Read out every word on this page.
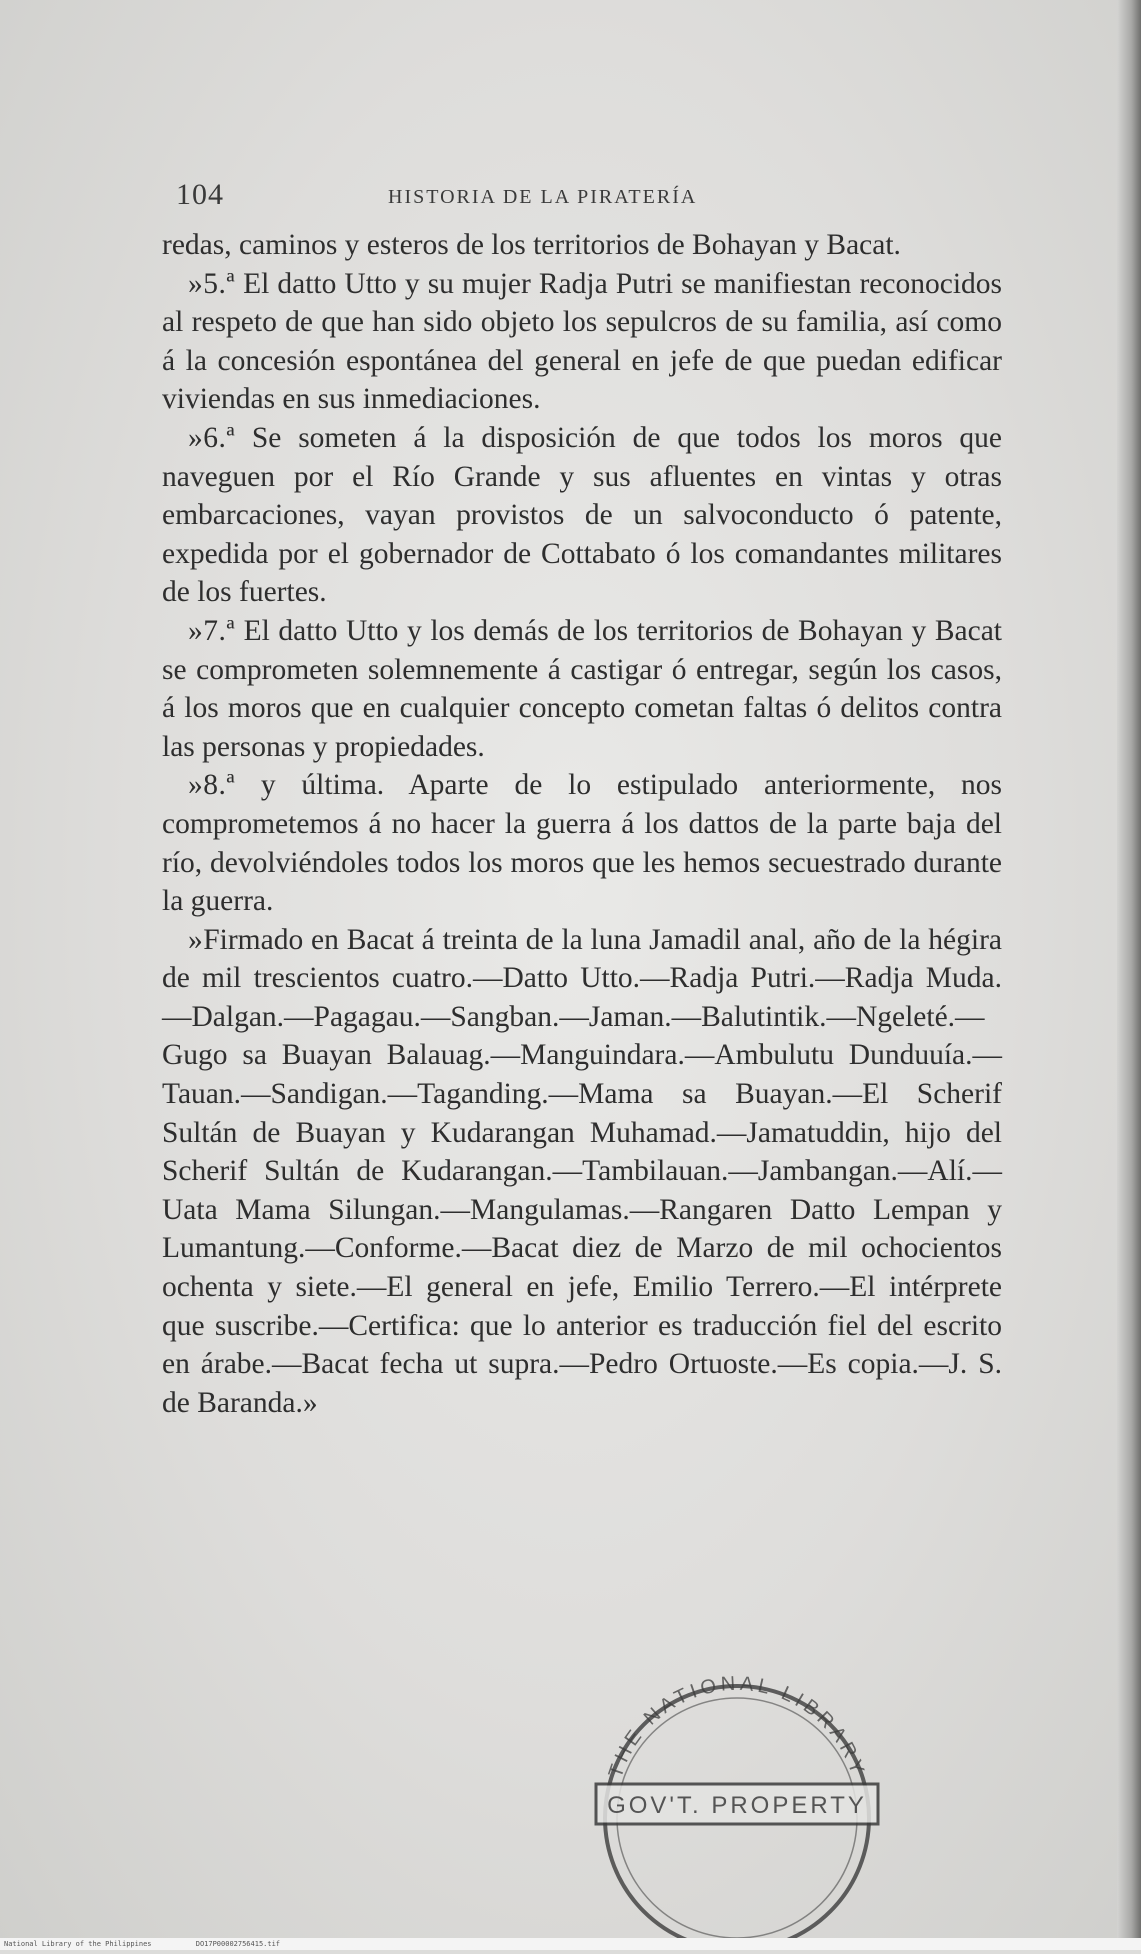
104	HISTORIA DE LA PIRATERÍA

redas, caminos y esteros de los territorios de Bohayan y Bacat.

»5.ª El datto Utto y su mujer Radja Putri se manifiestan reconocidos al respeto de que han sido objeto los sepulcros de su familia, así como á la concesión espontánea del general en jefe de que puedan edificar viviendas en sus inmediaciones.

»6.ª Se someten á la disposición de que todos los moros que naveguen por el Río Grande y sus afluentes en vintas y otras embarcaciones, vayan provistos de un salvoconducto ó patente, expedida por el gobernador de Cottabato ó los comandantes militares de los fuertes.

»7.ª El datto Utto y los demás de los territorios de Bohayan y Bacat se comprometen solemnemente á castigar ó entregar, según los casos, á los moros que en cualquier concepto cometan faltas ó delitos contra las personas y propiedades.

»8.ª y última. Aparte de lo estipulado anteriormente, nos comprometemos á no hacer la guerra á los dattos de la parte baja del río, devolviéndoles todos los moros que les hemos secuestrado durante la guerra.

»Firmado en Bacat á treinta de la luna Jamadil anal, año de la hégira de mil trescientos cuatro.—Datto Utto.—Radja Putri.—Radja Muda.—Dalgan.—Pagagau.—Sangban.—Jaman.—Balutintik.—Ngeleté.—Gugo sa Buayan Balauag.—Manguindara.—Ambulutu Dunduuía.—Tauan.—Sandigan.—Taganding.—Mama sa Buayan.—El Scherif Sultán de Buayan y Kudarangan Muhamad.—Jamatuddin, hijo del Scherif Sultán de Kudarangan.—Tambilauan.—Jambangan.—Alí.—Uata Mama Silungan.—Mangulamas.—Rangaren Datto Lempan y Lumantung.—Conforme.—Bacat diez de Marzo de mil ochocientos ochenta y siete.—El general en jefe, Emilio Terrero.—El intérprete que suscribe.—Certifica: que lo anterior es traducción fiel del escrito en árabe.—Bacat fecha ut supra.—Pedro Ortuoste.—Es copia.—J. S. de Baranda.»

THE NATIONAL LIBRARY
GOV'T. PROPERTY
National Library of the Philippines	DO17P00002756415.tif
